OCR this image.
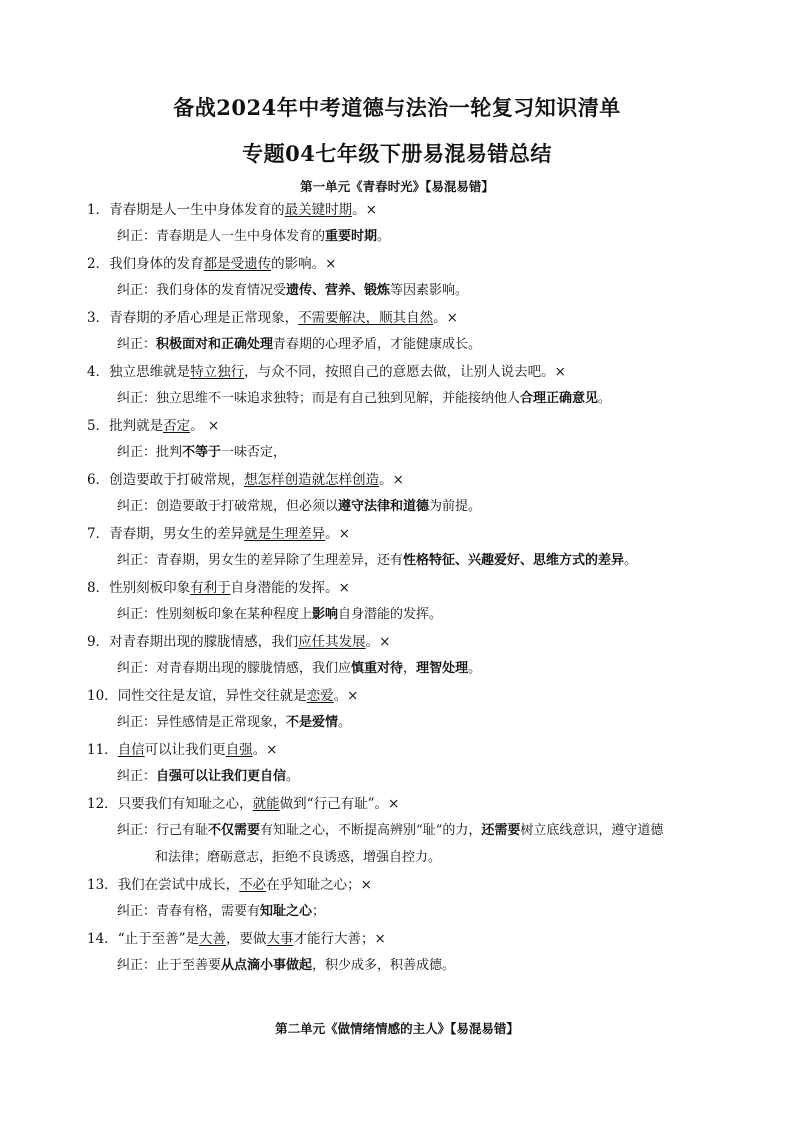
备战2024年中考道德与法治一轮复习知识清单
专题04七年级下册易混易错总结
第一单元《青春时光》【易混易错】
1．青春期是人一生中身体发育的最关键时期。×
纠正：青春期是人一生中身体发育的重要时期。
2．我们身体的发育都是受遗传的影响。×
纠正：我们身体的发育情况受遗传、营养、锻炼等因素影响。
3．青春期的矛盾心理是正常现象，不需要解决，顺其自然。×
纠正：积极面对和正确处理青春期的心理矛盾，才能健康成长。
4．独立思维就是特立独行，与众不同，按照自己的意愿去做，让别人说去吧。×
纠正：独立思维不一味追求独特；而是有自己独到见解，并能接纳他人合理正确意见。
5．批判就是否定。 ×
纠正：批判不等于一味否定，
6．创造要敢于打破常规，想怎样创造就怎样创造。×
纠正：创造要敢于打破常规，但必须以遵守法律和道德为前提。
7．青春期，男女生的差异就是生理差异。×
纠正：青春期，男女生的差异除了生理差异，还有性格特征、兴趣爱好、思维方式的差异。
8．性别刻板印象有利于自身潜能的发挥。×
纠正：性别刻板印象在某种程度上影响自身潜能的发挥。
9．对青春期出现的朦胧情感，我们应任其发展。×
纠正：对青春期出现的朦胧情感，我们应慎重对待，理智处理。
10．同性交往是友谊，异性交往就是恋爱。×
纠正：异性感情是正常现象，不是爱情。
11．自信可以让我们更自强。×
纠正：自强可以让我们更自信。
12．只要我们有知耻之心，就能做到“行己有耻”。×
纠正：行己有耻不仅需要有知耻之心，不断提高辨别“耻”的力，还需要树立底线意识，遵守道德
和法律；磨砺意志，拒绝不良诱惑，增强自控力。
13．我们在尝试中成长，不必在乎知耻之心；×
纠正：青春有格，需要有知耻之心；
14．“止于至善”是大善，要做大事才能行大善；×
纠正：止于至善要从点滴小事做起，积少成多，积善成德。
第二单元《做情绪情感的主人》【易混易错】
